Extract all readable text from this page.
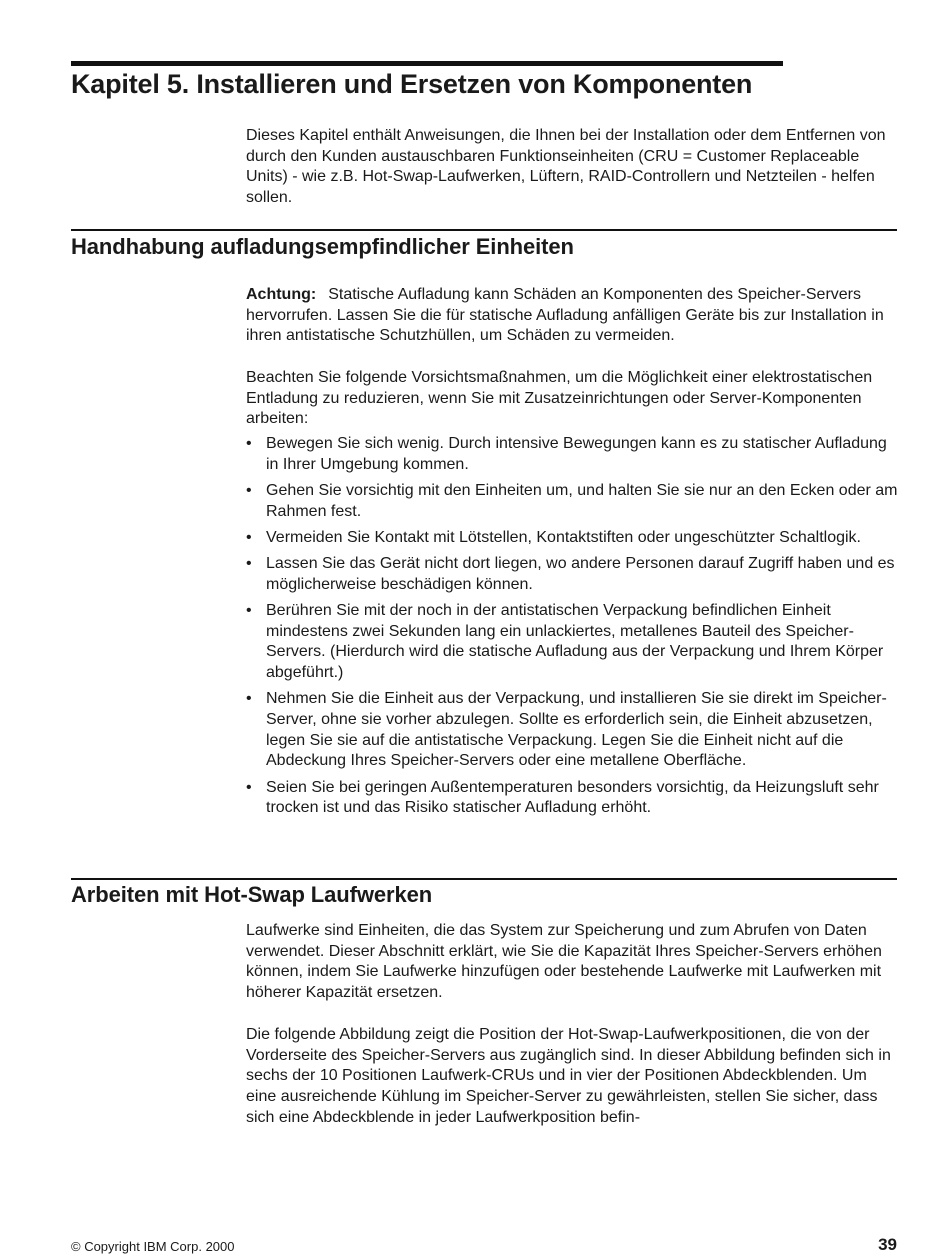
Kapitel 5. Installieren und Ersetzen von Komponenten

Dieses Kapitel enthält Anweisungen, die Ihnen bei der Installation oder dem Entfernen von durch den Kunden austauschbaren Funktionseinheiten (CRU = Customer Replaceable Units) - wie z.B. Hot-Swap-Laufwerken, Lüftern, RAID-Controllern und Netzteilen - helfen sollen.

Handhabung aufladungsempfindlicher Einheiten

Achtung: Statische Aufladung kann Schäden an Komponenten des Speicher-Servers hervorrufen. Lassen Sie die für statische Aufladung anfälligen Geräte bis zur Installation in ihren antistatische Schutzhüllen, um Schäden zu vermeiden.

Beachten Sie folgende Vorsichtsmaßnahmen, um die Möglichkeit einer elektrostatischen Entladung zu reduzieren, wenn Sie mit Zusatzeinrichtungen oder Server-Komponenten arbeiten:

• Bewegen Sie sich wenig. Durch intensive Bewegungen kann es zu statischer Aufladung in Ihrer Umgebung kommen.
• Gehen Sie vorsichtig mit den Einheiten um, und halten Sie sie nur an den Ecken oder am Rahmen fest.
• Vermeiden Sie Kontakt mit Lötstellen, Kontaktstiften oder ungeschützter Schaltlogik.
• Lassen Sie das Gerät nicht dort liegen, wo andere Personen darauf Zugriff haben und es möglicherweise beschädigen können.
• Berühren Sie mit der noch in der antistatischen Verpackung befindlichen Einheit mindestens zwei Sekunden lang ein unlackiertes, metallenes Bauteil des Speicher-Servers. (Hierdurch wird die statische Aufladung aus der Verpackung und Ihrem Körper abgeführt.)
• Nehmen Sie die Einheit aus der Verpackung, und installieren Sie sie direkt im Speicher-Server, ohne sie vorher abzulegen. Sollte es erforderlich sein, die Einheit abzusetzen, legen Sie sie auf die antistatische Verpackung. Legen Sie die Einheit nicht auf die Abdeckung Ihres Speicher-Servers oder eine metallene Oberfläche.
• Seien Sie bei geringen Außentemperaturen besonders vorsichtig, da Heizungsluft sehr trocken ist und das Risiko statischer Aufladung erhöht.
Arbeiten mit Hot-Swap Laufwerken

Laufwerke sind Einheiten, die das System zur Speicherung und zum Abrufen von Daten verwendet. Dieser Abschnitt erklärt, wie Sie die Kapazität Ihres Speicher-Servers erhöhen können, indem Sie Laufwerke hinzufügen oder bestehende Laufwerke mit Laufwerken mit höherer Kapazität ersetzen.

Die folgende Abbildung zeigt die Position der Hot-Swap-Laufwerkpositionen, die von der Vorderseite des Speicher-Servers aus zugänglich sind. In dieser Abbildung befinden sich in sechs der 10 Positionen Laufwerk-CRUs und in vier der Positionen Abdeckblenden. Um eine ausreichende Kühlung im Speicher-Server zu gewährleisten, stellen Sie sicher, dass sich eine Abdeckblende in jeder Laufwerkposition befin-

© Copyright IBM Corp. 2000	39
